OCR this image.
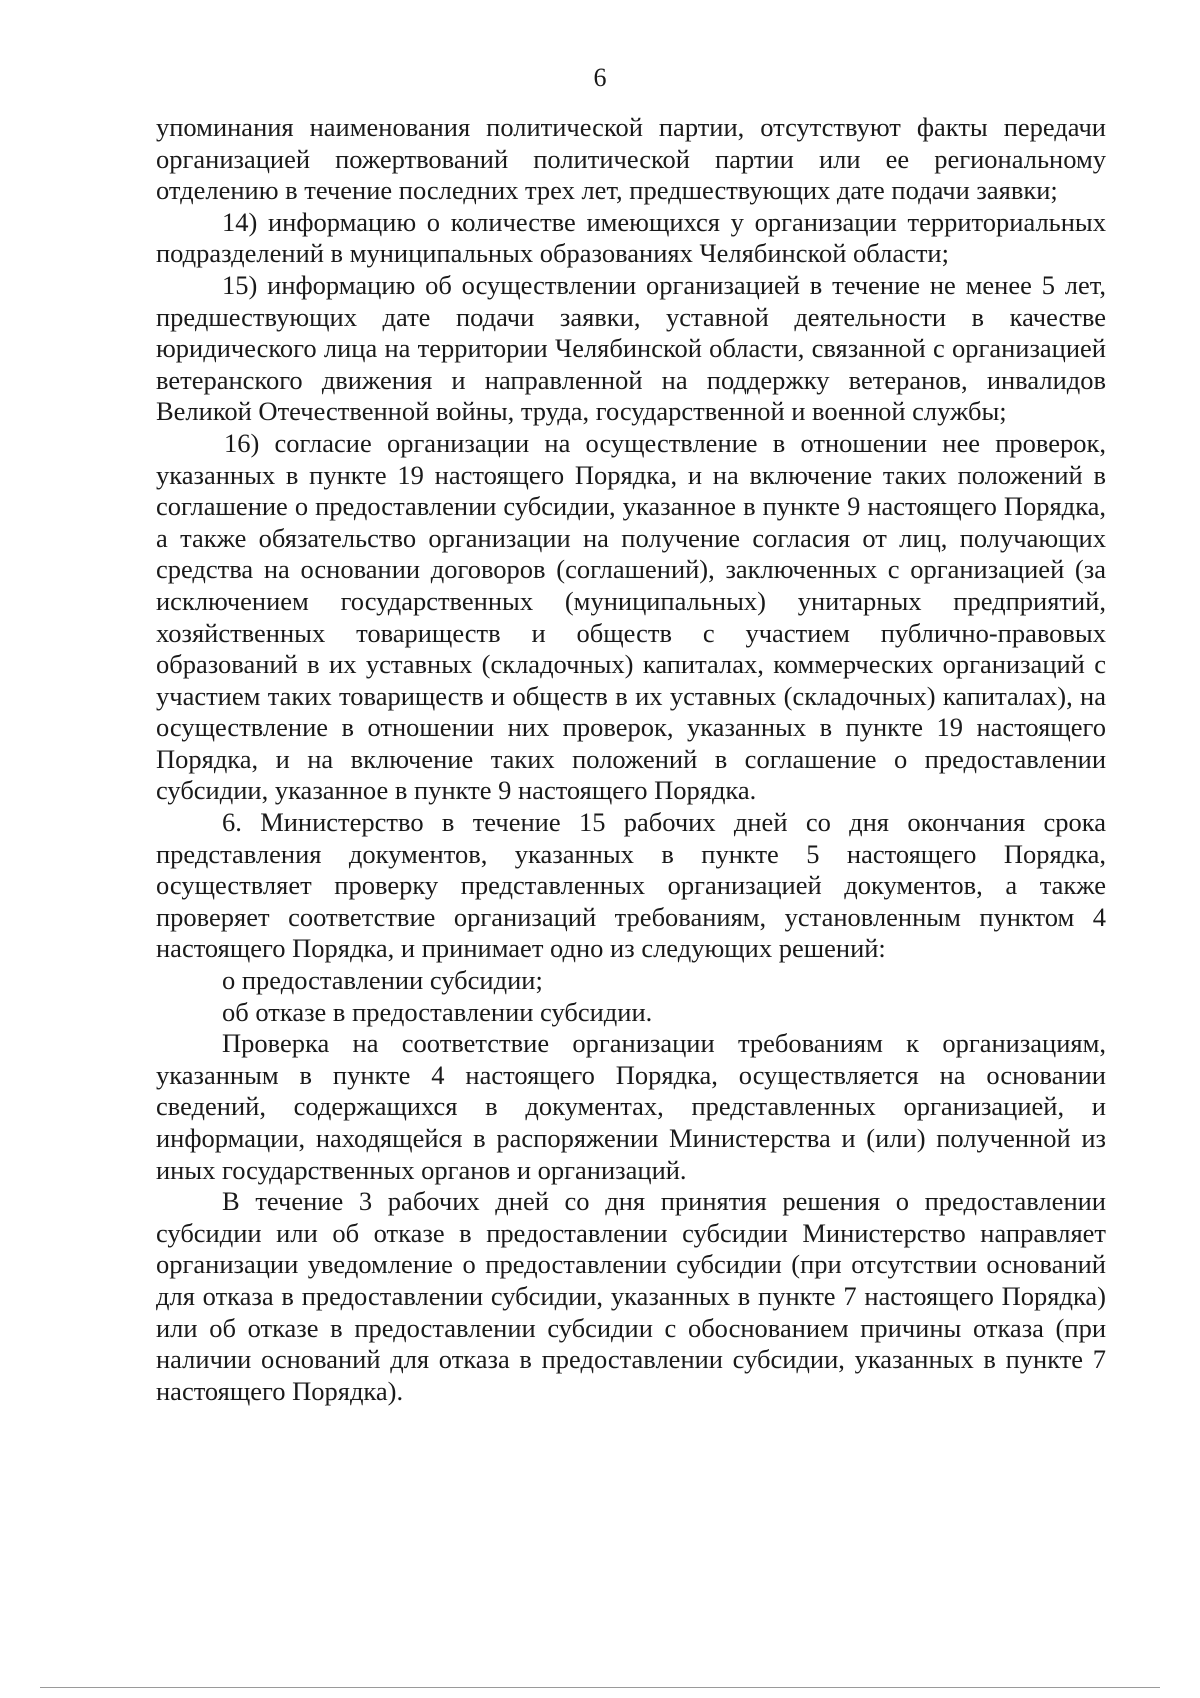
6

упоминания наименования политической партии, отсутствуют факты передачи организацией пожертвований политической партии или ее региональному отделению в течение последних трех лет, предшествующих дате подачи заявки;

14) информацию о количестве имеющихся у организации территориальных подразделений в муниципальных образованиях Челябинской области;

15) информацию об осуществлении организацией в течение не менее 5 лет, предшествующих дате подачи заявки, уставной деятельности в качестве юридического лица на территории Челябинской области, связанной с организацией ветеранского движения и направленной на поддержку ветеранов, инвалидов Великой Отечественной войны, труда, государственной и военной службы;

16) согласие организации на осуществление в отношении нее проверок, указанных в пункте 19 настоящего Порядка, и на включение таких положений в соглашение о предоставлении субсидии, указанное в пункте 9 настоящего Порядка, а также обязательство организации на получение согласия от лиц, получающих средства на основании договоров (соглашений), заключенных с организацией (за исключением государственных (муниципальных) унитарных предприятий, хозяйственных товариществ и обществ с участием публично-правовых образований в их уставных (складочных) капиталах, коммерческих организаций с участием таких товариществ и обществ в их уставных (складочных) капиталах), на осуществление в отношении них проверок, указанных в пункте 19 настоящего Порядка, и на включение таких положений в соглашение о предоставлении субсидии, указанное в пункте 9 настоящего Порядка.

6. Министерство в течение 15 рабочих дней со дня окончания срока представления документов, указанных в пункте 5 настоящего Порядка, осуществляет проверку представленных организацией документов, а также проверяет соответствие организаций требованиям, установленным пунктом 4 настоящего Порядка, и принимает одно из следующих решений:

о предоставлении субсидии;

об отказе в предоставлении субсидии.

Проверка на соответствие организации требованиям к организациям, указанным в пункте 4 настоящего Порядка, осуществляется на основании сведений, содержащихся в документах, представленных организацией, и информации, находящейся в распоряжении Министерства и (или) полученной из иных государственных органов и организаций.

В течение 3 рабочих дней со дня принятия решения о предоставлении субсидии или об отказе в предоставлении субсидии Министерство направляет организации уведомление о предоставлении субсидии (при отсутствии оснований для отказа в предоставлении субсидии, указанных в пункте 7 настоящего Порядка) или об отказе в предоставлении субсидии с обоснованием причины отказа (при наличии оснований для отказа в предоставлении субсидии, указанных в пункте 7 настоящего Порядка).
